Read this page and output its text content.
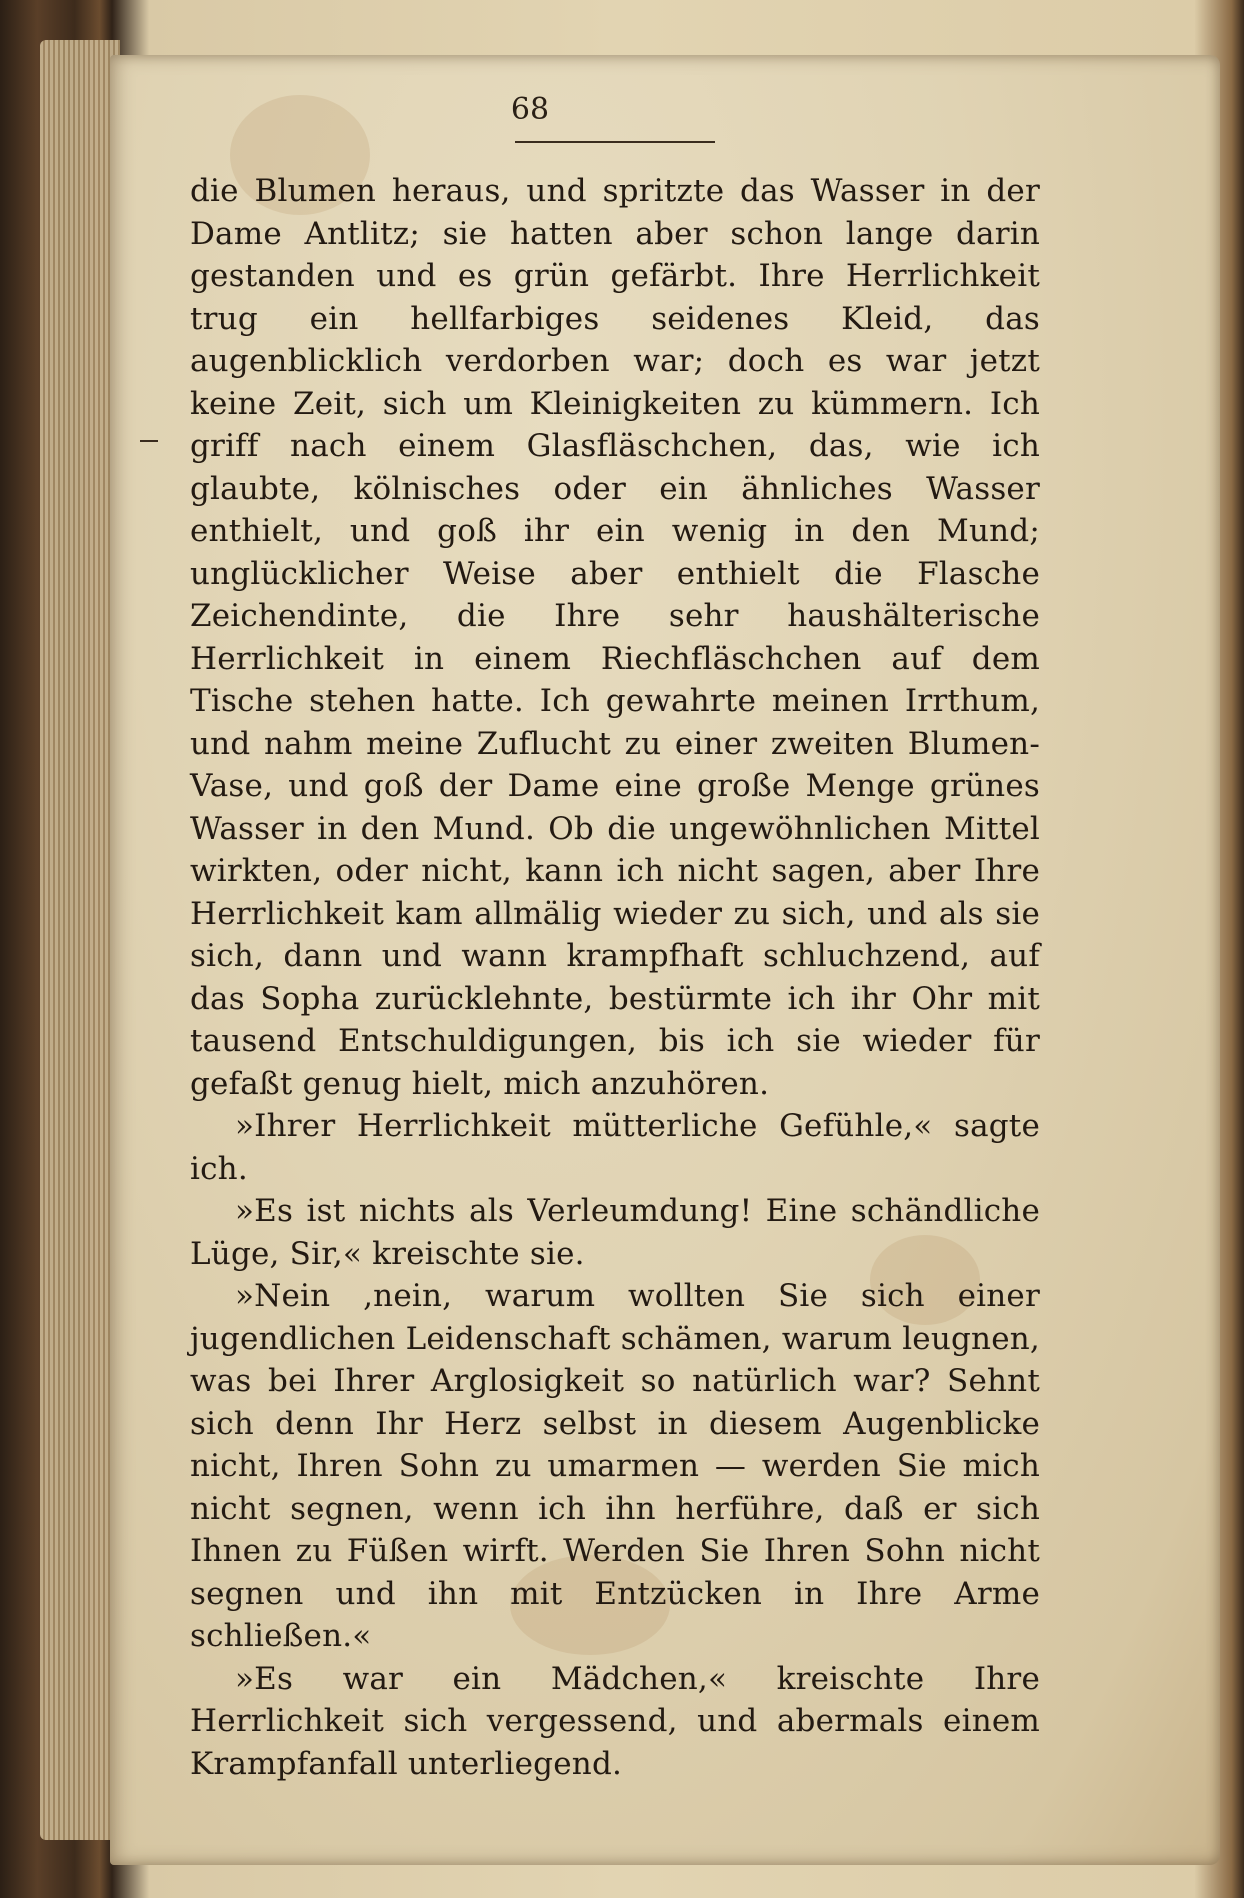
68

die Blumen heraus, und spritzte das Wasser in der Dame Antlitz; sie hatten aber schon lange darin gestanden und es grün gefärbt. Ihre Herrlichkeit trug ein hellfarbiges seidenes Kleid, das augenblicklich verdorben war; doch es war jetzt keine Zeit, sich um Kleinigkeiten zu kümmern. Ich griff nach einem Glasfläschchen, das, wie ich glaubte, kölnisches oder ein ähnliches Wasser enthielt, und goß ihr ein wenig in den Mund; unglücklicher Weise aber enthielt die Flasche Zeichendinte, die Ihre sehr haushälterische Herrlichkeit in einem Riechfläschchen auf dem Tische stehen hatte. Ich gewahrte meinen Irrthum, und nahm meine Zuflucht zu einer zweiten Blumen-Vase, und goß der Dame eine große Menge grünes Wasser in den Mund. Ob die ungewöhnlichen Mittel wirkten, oder nicht, kann ich nicht sagen, aber Ihre Herrlichkeit kam allmälig wieder zu sich, und als sie sich, dann und wann krampfhaft schluchzend, auf das Sopha zurücklehnte, bestürmte ich ihr Ohr mit tausend Entschuldigungen, bis ich sie wieder für gefaßt genug hielt, mich anzuhören.

»Ihrer Herrlichkeit mütterliche Gefühle,« sagte ich.

»Es ist nichts als Verleumdung! Eine schändliche Lüge, Sir,« kreischte sie.

»Nein ,nein, warum wollten Sie sich einer jugendlichen Leidenschaft schämen, warum leugnen, was bei Ihrer Arglosigkeit so natürlich war? Sehnt sich denn Ihr Herz selbst in diesem Augenblicke nicht, Ihren Sohn zu umarmen — werden Sie mich nicht segnen, wenn ich ihn herführe, daß er sich Ihnen zu Füßen wirft. Werden Sie Ihren Sohn nicht segnen und ihn mit Entzücken in Ihre Arme schließen.«

»Es war ein Mädchen,« kreischte Ihre Herrlichkeit sich vergessend, und abermals einem Krampfanfall unterliegend.
